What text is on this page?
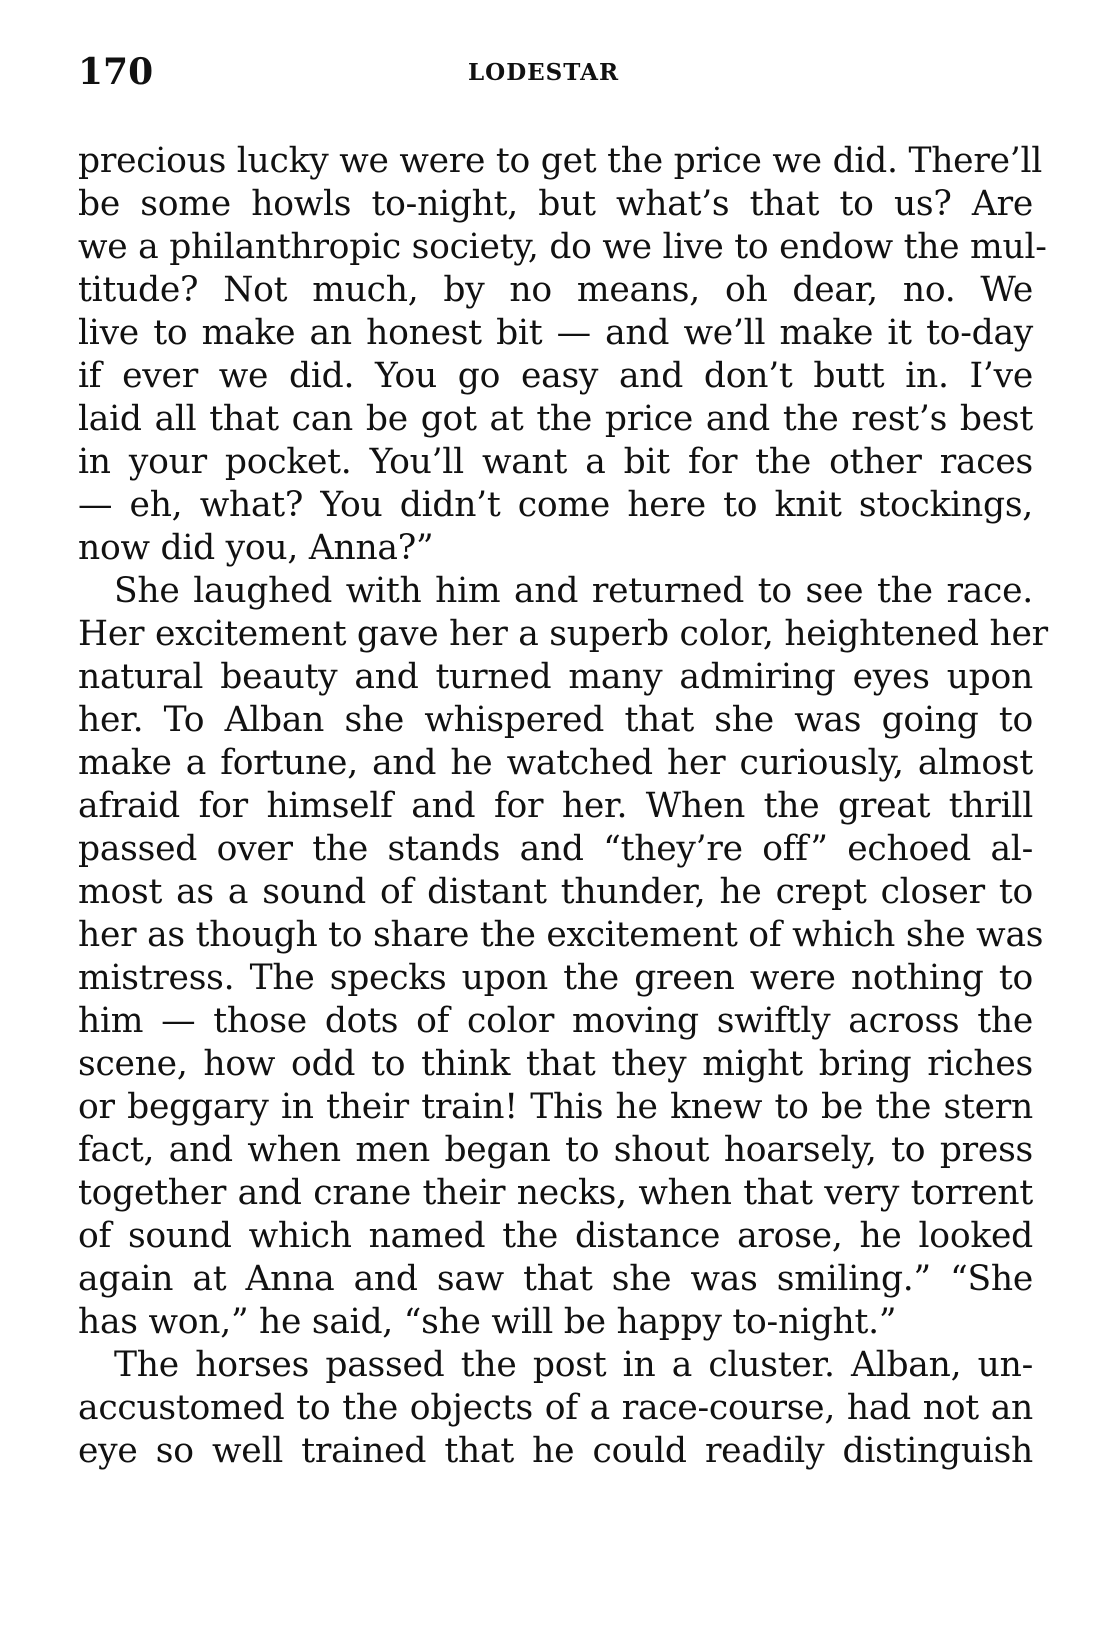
170	LODESTAR
precious lucky we were to get the price we did. There’ll
be some howls to-night, but what’s that to us? Are
we a philanthropic society, do we live to endow the mul-
titude? Not much, by no means, oh dear, no. We
live to make an honest bit — and we’ll make it to-day
if ever we did. You go easy and don’t butt in. I’ve
laid all that can be got at the price and the rest’s best
in your pocket. You’ll want a bit for the other races
— eh, what? You didn’t come here to knit stockings,
now did you, Anna?”
She laughed with him and returned to see the race.
Her excitement gave her a superb color, heightened her
natural beauty and turned many admiring eyes upon
her. To Alban she whispered that she was going to
make a fortune, and he watched her curiously, almost
afraid for himself and for her. When the great thrill
passed over the stands and “they’re off” echoed al-
most as a sound of distant thunder, he crept closer to
her as though to share the excitement of which she was
mistress. The specks upon the green were nothing to
him — those dots of color moving swiftly across the
scene, how odd to think that they might bring riches
or beggary in their train! This he knew to be the stern
fact, and when men began to shout hoarsely, to press
together and crane their necks, when that very torrent
of sound which named the distance arose, he looked
again at Anna and saw that she was smiling.” “She
has won,” he said, “she will be happy to-night.”
The horses passed the post in a cluster. Alban, un-
accustomed to the objects of a race-course, had not an
eye so well trained that he could readily distinguish
